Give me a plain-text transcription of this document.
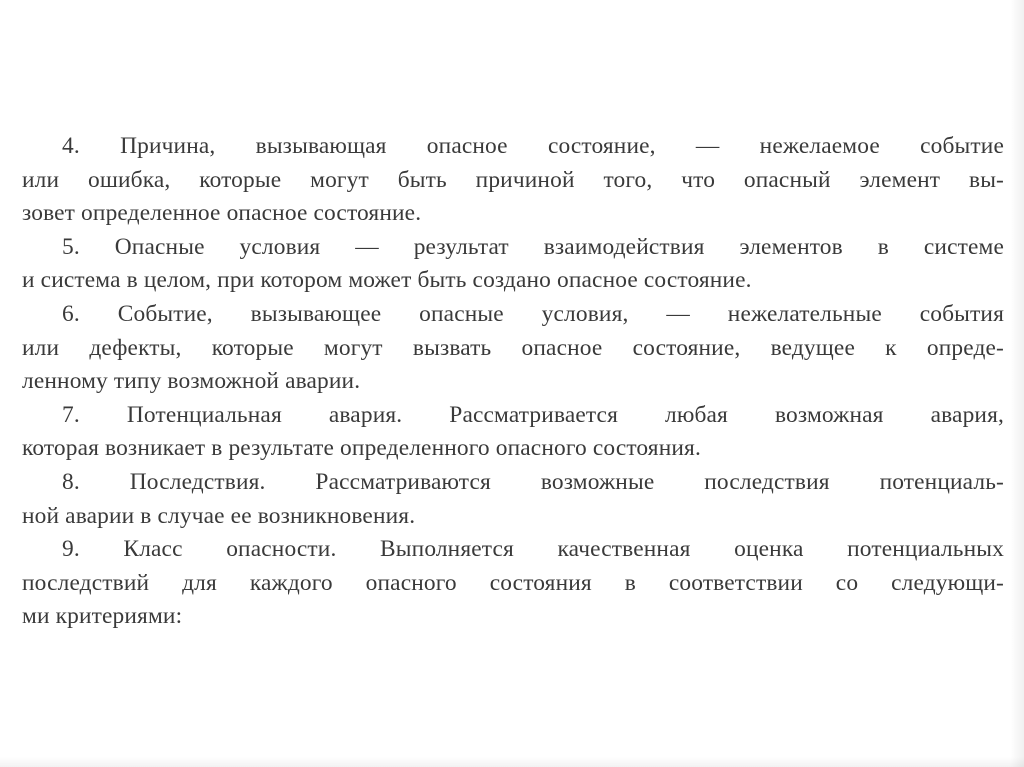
4. Причина, вызывающая опасное состояние, — нежелаемое событие
или ошибка, которые могут быть причиной того, что опасный элемент вы-
зовет определенное опасное состояние.
5. Опасные условия — результат взаимодействия элементов в системе
и система в целом, при котором может быть создано опасное состояние.
6. Событие, вызывающее опасные условия, — нежелательные события
или дефекты, которые могут вызвать опасное состояние, ведущее к опреде-
ленному типу возможной аварии.
7. Потенциальная авария. Рассматривается любая возможная авария,
которая возникает в результате определенного опасного состояния.
8. Последствия. Рассматриваются возможные последствия потенциаль-
ной аварии в случае ее возникновения.
9. Класс опасности. Выполняется качественная оценка потенциальных
последствий для каждого опасного состояния в соответствии со следующи-
ми критериями:
